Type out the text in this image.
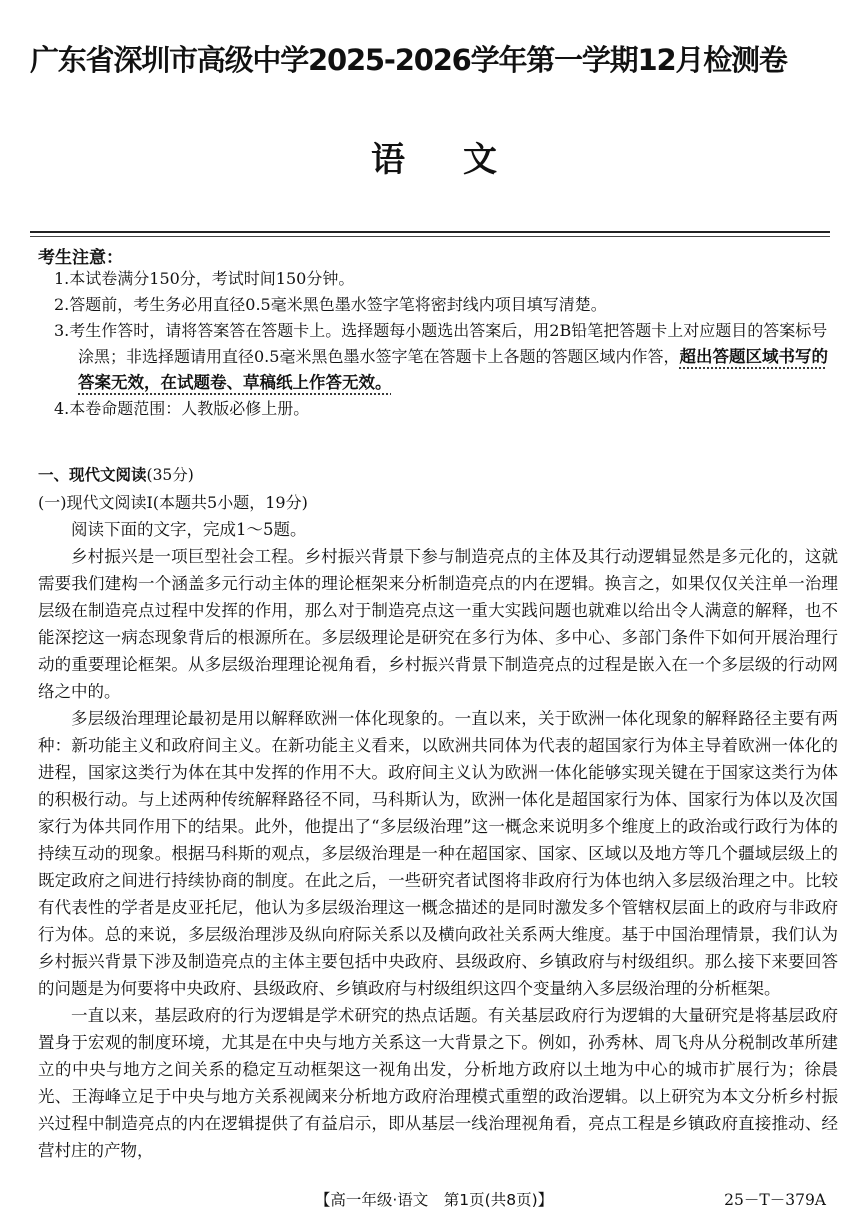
广东省深圳市高级中学2025-2026学年第一学期12月检测卷
语文
考生注意：
1.本试卷满分150分，考试时间150分钟。
2.答题前，考生务必用直径0.5毫米黑色墨水签字笔将密封线内项目填写清楚。
3.考生作答时，请将答案答在答题卡上。选择题每小题选出答案后，用2B铅笔把答题卡上对应题目的答案标号涂黑；非选择题请用直径0.5毫米黑色墨水签字笔在答题卡上各题的答题区域内作答，超出答题区域书写的答案无效，在试题卷、草稿纸上作答无效。
4.本卷命题范围：人教版必修上册。
一、现代文阅读(35分)
(一)现代文阅读Ⅰ(本题共5小题，19分)
阅读下面的文字，完成1～5题。

乡村振兴是一项巨型社会工程。乡村振兴背景下参与制造亮点的主体及其行动逻辑显然是多元化的，这就需要我们建构一个涵盖多元行动主体的理论框架来分析制造亮点的内在逻辑。换言之，如果仅仅关注单一治理层级在制造亮点过程中发挥的作用，那么对于制造亮点这一重大实践问题也就难以给出令人满意的解释，也不能深挖这一病态现象背后的根源所在。多层级理论是研究在多行为体、多中心、多部门条件下如何开展治理行动的重要理论框架。从多层级治理理论视角看，乡村振兴背景下制造亮点的过程是嵌入在一个多层级的行动网络之中的。

多层级治理理论最初是用以解释欧洲一体化现象的。一直以来，关于欧洲一体化现象的解释路径主要有两种：新功能主义和政府间主义。在新功能主义看来，以欧洲共同体为代表的超国家行为体主导着欧洲一体化的进程，国家这类行为体在其中发挥的作用不大。政府间主义认为欧洲一体化能够实现关键在于国家这类行为体的积极行动。与上述两种传统解释路径不同，马科斯认为，欧洲一体化是超国家行为体、国家行为体以及次国家行为体共同作用下的结果。此外，他提出了“多层级治理”这一概念来说明多个维度上的政治或行政行为体的持续互动的现象。根据马科斯的观点，多层级治理是一种在超国家、国家、区域以及地方等几个疆域层级上的既定政府之间进行持续协商的制度。在此之后，一些研究者试图将非政府行为体也纳入多层级治理之中。比较有代表性的学者是皮亚托尼，他认为多层级治理这一概念描述的是同时激发多个管辖权层面上的政府与非政府行为体。总的来说，多层级治理涉及纵向府际关系以及横向政社关系两大维度。基于中国治理情景，我们认为乡村振兴背景下涉及制造亮点的主体主要包括中央政府、县级政府、乡镇政府与村级组织。那么接下来要回答的问题是为何要将中央政府、县级政府、乡镇政府与村级组织这四个变量纳入多层级治理的分析框架。

一直以来，基层政府的行为逻辑是学术研究的热点话题。有关基层政府行为逻辑的大量研究是将基层政府置身于宏观的制度环境，尤其是在中央与地方关系这一大背景之下。例如，孙秀林、周飞舟从分税制改革所建立的中央与地方之间关系的稳定互动框架这一视角出发，分析地方政府以土地为中心的城市扩展行为；徐晨光、王海峰立足于中央与地方关系视阈来分析地方政府治理模式重塑的政治逻辑。以上研究为本文分析乡村振兴过程中制造亮点的内在逻辑提供了有益启示，即从基层一线治理视角看，亮点工程是乡镇政府直接推动、经营村庄的产物，

【高一年级·语文　第1页(共8页)】	25－T－379A
